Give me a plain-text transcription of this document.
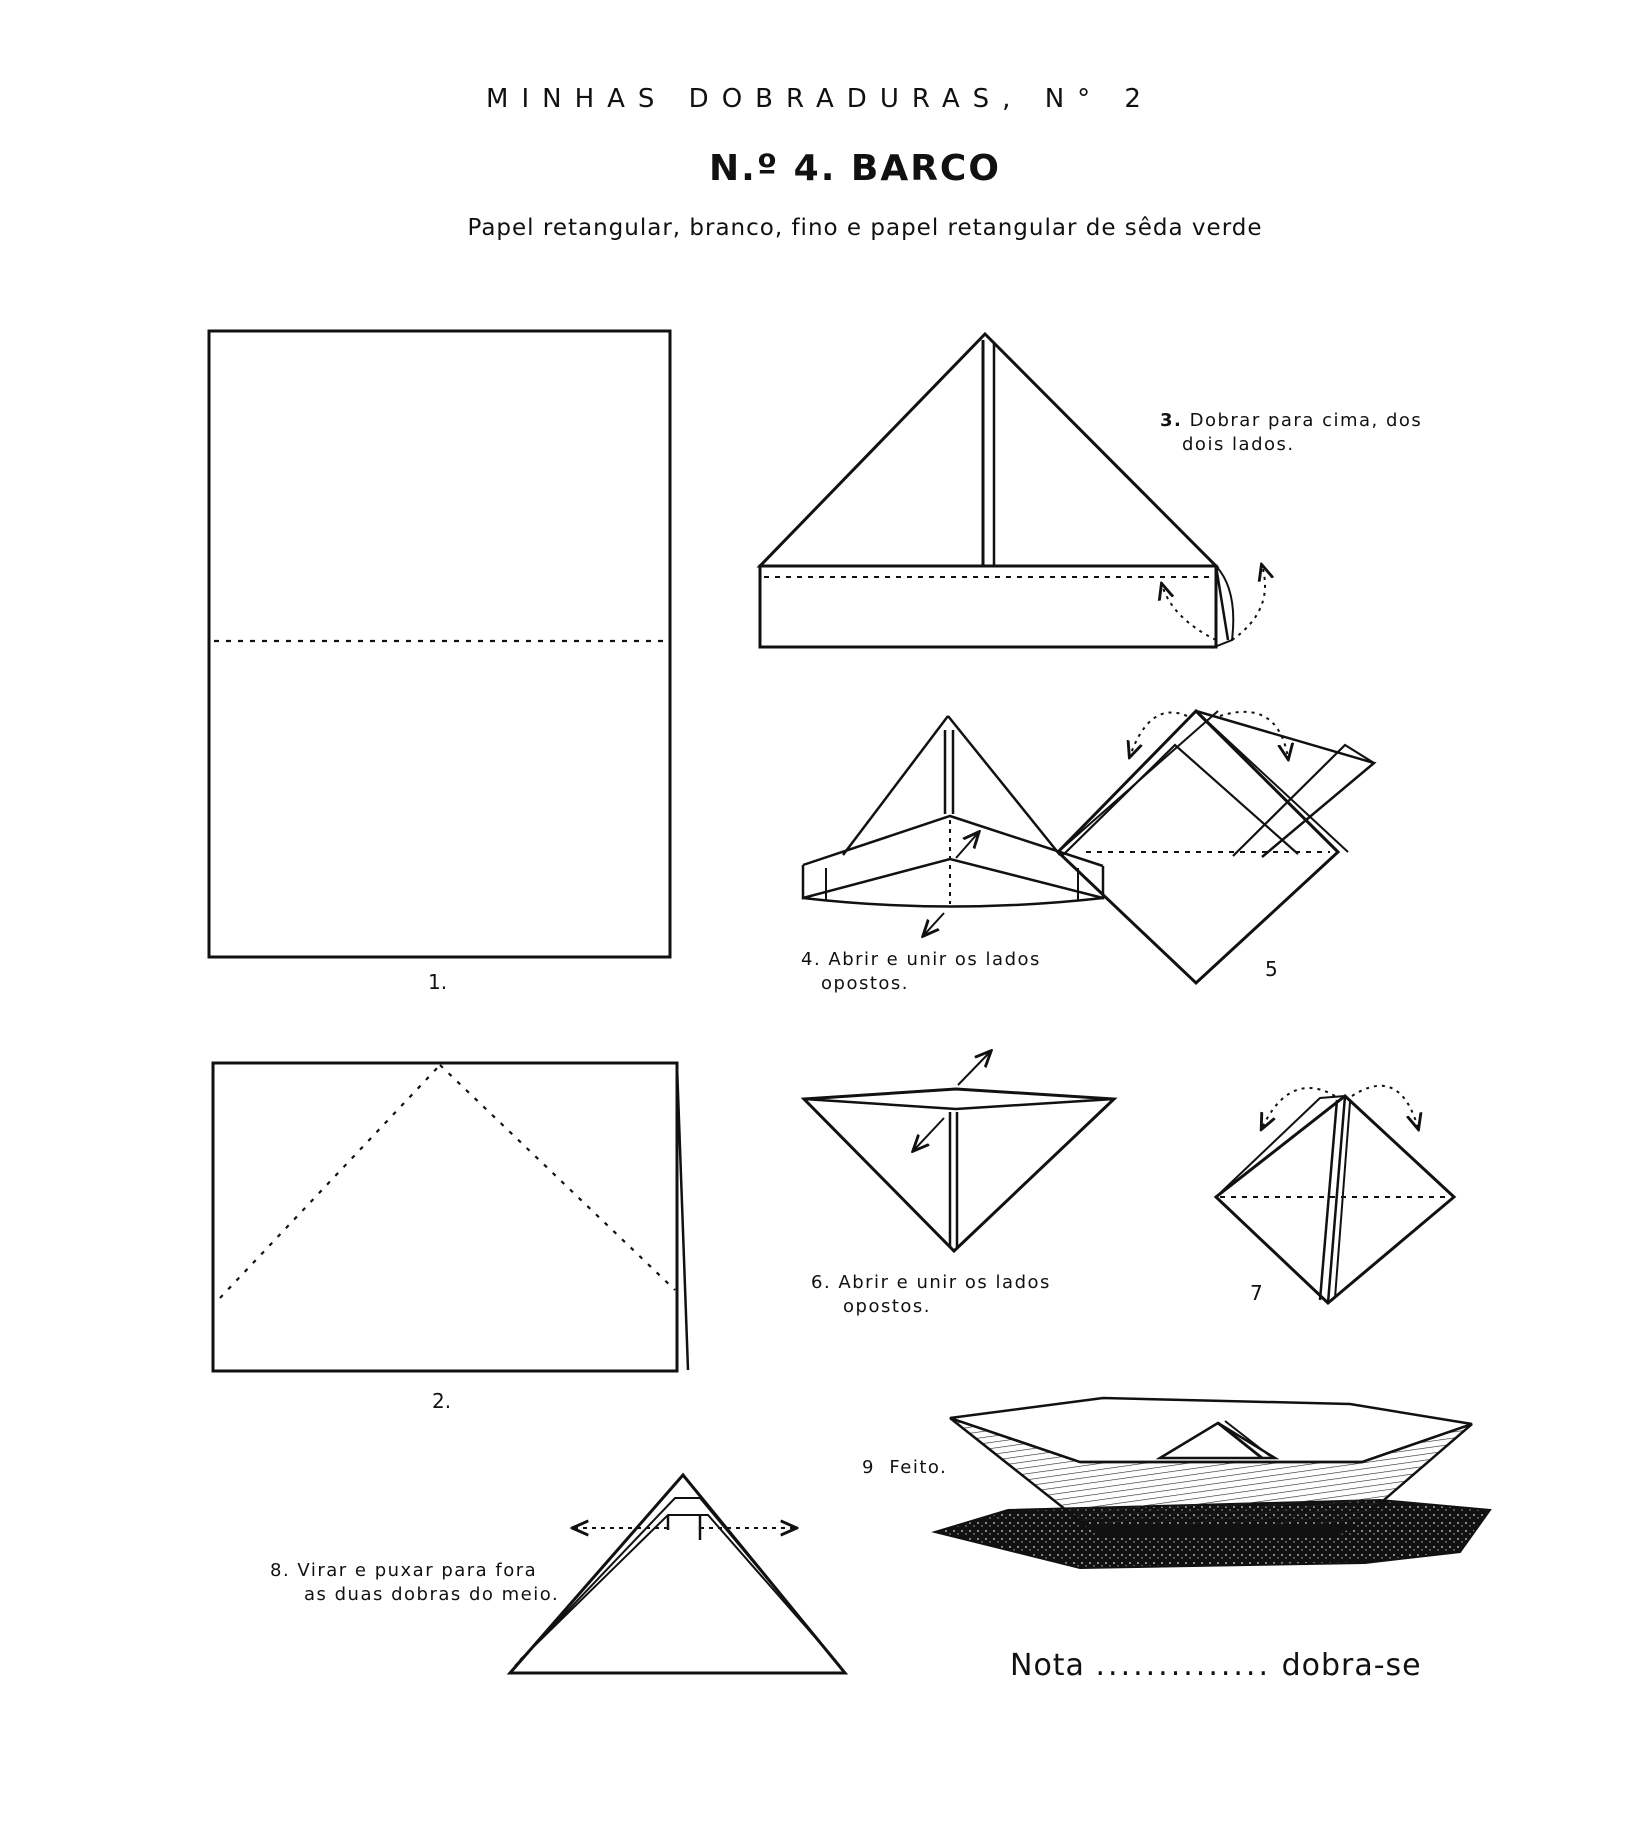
MINHAS DOBRADURAS, N° 2
N.º 4. BARCO
Papel retangular, branco, fino e papel retangular de sêda verde
1.
2.
3. Dobrar para cima, dos
dois lados.
4. Abrir e unir os lados
opostos.
5
6. Abrir e unir os lados
opostos.
7
8. Virar e puxar para fora
as duas dobras do meio.
9 Feito.
Nota .............. dobra-se
